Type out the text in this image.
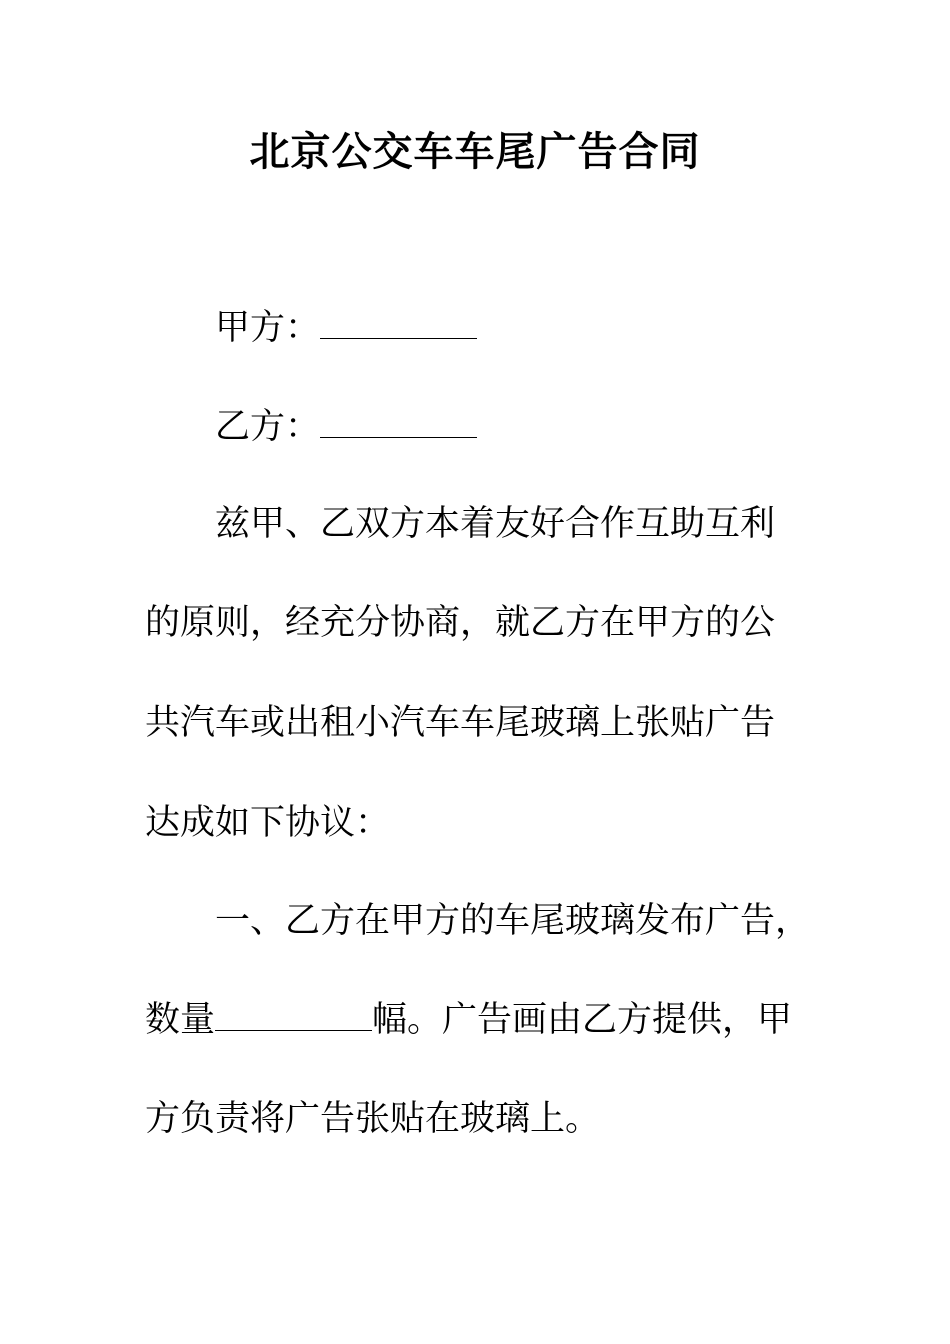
北京公交车车尾广告合同
甲方：
乙方：
兹甲、乙双方本着友好合作互助互利
的原则，经充分协商，就乙方在甲方的公
共汽车或出租小汽车车尾玻璃上张贴广告
达成如下协议：
一、乙方在甲方的车尾玻璃发布广告，
数量	幅。广告画由乙方提供，甲
方负责将广告张贴在玻璃上。
